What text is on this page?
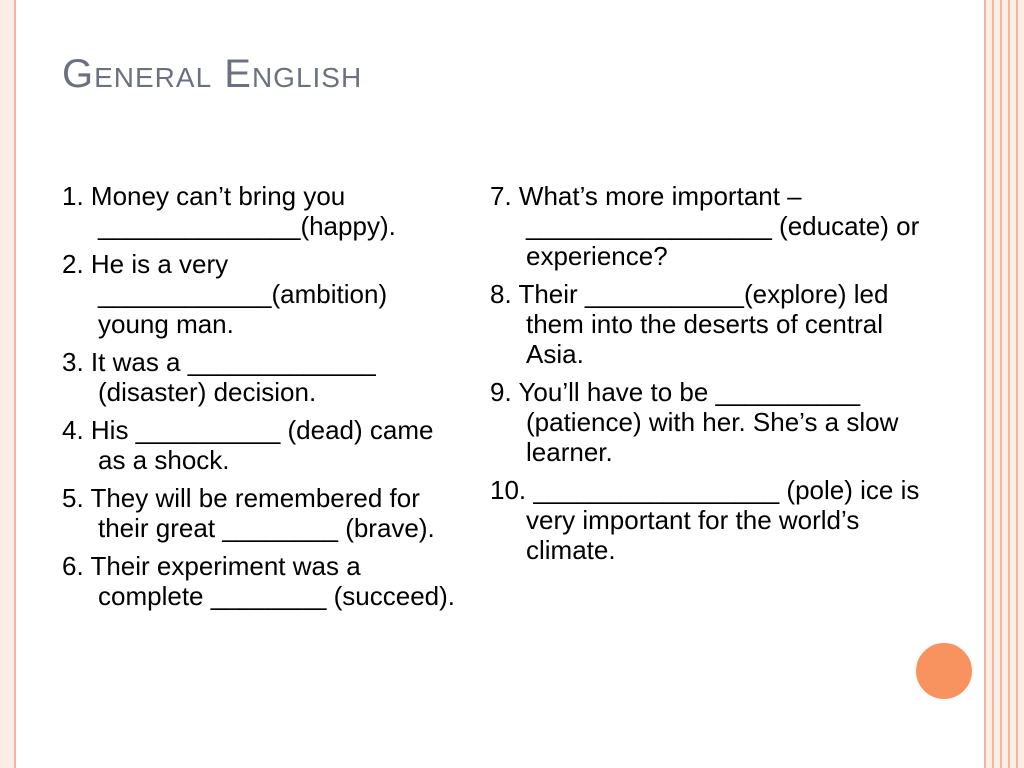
General English
1. Money can’t bring you ______________(happy).
2. He is a very ____________(ambition) young man.
3. It was a _____________ (disaster) decision.
4. His __________ (dead) came as a shock.
5. They will be remembered for their great ________ (brave).
6. Their experiment was a complete ________ (succeed).
7. What’s more important – _________________ (educate) or experience?
8. Their ___________(explore) led them into the deserts of central Asia.
9. You’ll have to be __________ (patience) with her. She’s a slow learner.
10. _________________ (pole) ice is very important for the world’s climate.
